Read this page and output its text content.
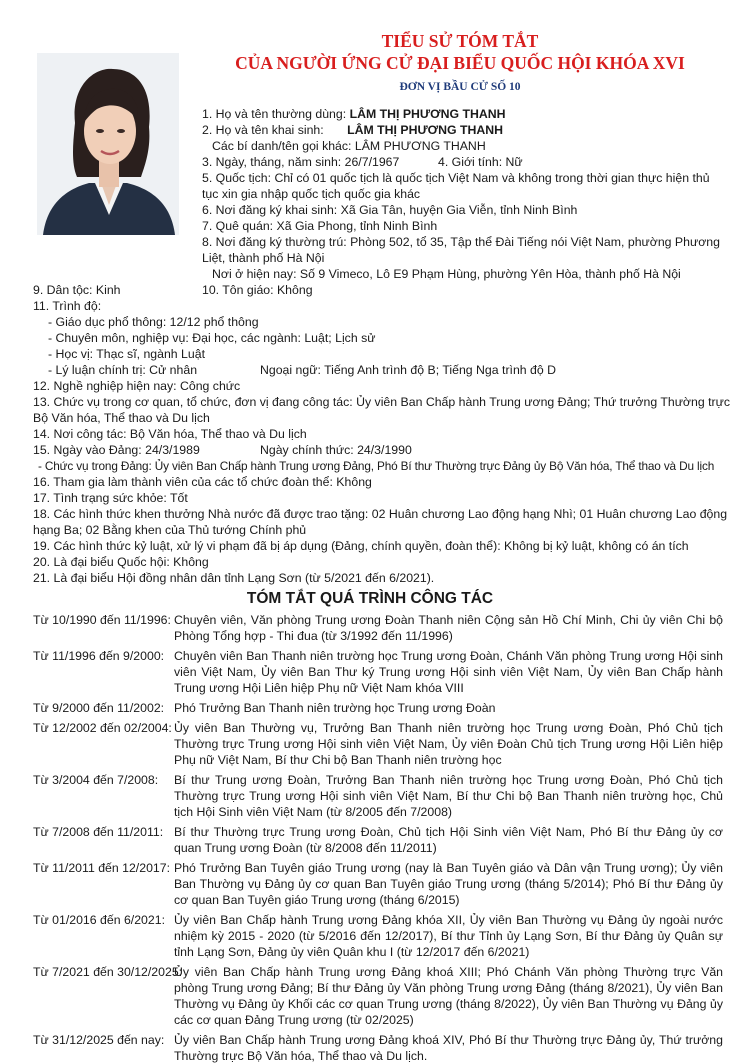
TIỂU SỬ TÓM TẮT
CỦA NGƯỜI ỨNG CỬ ĐẠI BIỂU QUỐC HỘI KHÓA XVI
ĐƠN VỊ BẦU CỬ SỐ 10
1. Họ và tên thường dùng: LÂM THỊ PHƯƠNG THANH
2. Họ và tên khai sinh: LÂM THỊ PHƯƠNG THANH
Các bí danh/tên gọi khác: LÂM PHƯƠNG THANH
3. Ngày, tháng, năm sinh: 26/7/1967	4. Giới tính: Nữ
5. Quốc tịch: Chỉ có 01 quốc tịch là quốc tịch Việt Nam và không trong thời gian thực hiện thủ
tục xin gia nhập quốc tịch quốc gia khác
6. Nơi đăng ký khai sinh: Xã Gia Tân, huyện Gia Viễn, tỉnh Ninh Bình
7. Quê quán: Xã Gia Phong, tỉnh Ninh Bình
8. Nơi đăng ký thường trú: Phòng 502, tổ 35, Tập thể Đài Tiếng nói Việt Nam, phường Phương
Liệt, thành phố Hà Nội
Nơi ở hiện nay: Số 9 Vimeco, Lô E9 Phạm Hùng, phường Yên Hòa, thành phố Hà Nội
9. Dân tộc: Kinh	10. Tôn giáo: Không
11. Trình độ:
- Giáo dục phổ thông: 12/12 phổ thông
- Chuyên môn, nghiệp vụ: Đại học, các ngành: Luật; Lịch sử
- Học vị: Thạc sĩ, ngành Luật
- Lý luận chính trị: Cử nhân	Ngoại ngữ: Tiếng Anh trình độ B; Tiếng Nga trình độ D
12. Nghề nghiệp hiện nay: Công chức
13. Chức vụ trong cơ quan, tổ chức, đơn vị đang công tác: Ủy viên Ban Chấp hành Trung ương Đảng; Thứ trưởng Thường trực
Bộ Văn hóa, Thể thao và Du lịch
14. Nơi công tác: Bộ Văn hóa, Thể thao và Du lịch
15. Ngày vào Đảng: 24/3/1989	Ngày chính thức: 24/3/1990
- Chức vụ trong Đảng: Ủy viên Ban Chấp hành Trung ương Đảng, Phó Bí thư Thường trực Đảng ủy Bộ Văn hóa, Thể thao và Du lịch
16. Tham gia làm thành viên của các tổ chức đoàn thể: Không
17. Tình trạng sức khỏe: Tốt
18. Các hình thức khen thưởng Nhà nước đã được trao tặng: 02 Huân chương Lao động hạng Nhì; 01 Huân chương Lao động
hạng Ba; 02 Bằng khen của Thủ tướng Chính phủ
19. Các hình thức kỷ luật, xử lý vi phạm đã bị áp dụng (Đảng, chính quyền, đoàn thể): Không bị kỷ luật, không có án tích
20. Là đại biểu Quốc hội: Không
21. Là đại biểu Hội đồng nhân dân tỉnh Lạng Sơn (từ 5/2021 đến 6/2021).
TÓM TẮT QUÁ TRÌNH CÔNG TÁC
Từ 10/1990 đến 11/1996: Chuyên viên, Văn phòng Trung ương Đoàn Thanh niên Cộng sản Hồ Chí Minh, Chi ủy viên Chi bộ Phòng Tổng hợp - Thi đua (từ 3/1992 đến 11/1996)
Từ 11/1996 đến 9/2000: Chuyên viên Ban Thanh niên trường học Trung ương Đoàn, Chánh Văn phòng Trung ương Hội sinh viên Việt Nam, Ủy viên Ban Thư ký Trung ương Hội sinh viên Việt Nam, Ủy viên Ban Chấp hành Trung ương Hội Liên hiệp Phụ nữ Việt Nam khóa VIII
Từ 9/2000 đến 11/2002: Phó Trưởng Ban Thanh niên trường học Trung ương Đoàn
Từ 12/2002 đến 02/2004: Ủy viên Ban Thường vụ, Trưởng Ban Thanh niên trường học Trung ương Đoàn, Phó Chủ tịch Thường trực Trung ương Hội sinh viên Việt Nam, Ủy viên Đoàn Chủ tịch Trung ương Hội Liên hiệp Phụ nữ Việt Nam, Bí thư Chi bộ Ban Thanh niên trường học
Từ 3/2004 đến 7/2008:	Bí thư Trung ương Đoàn, Trưởng Ban Thanh niên trường học Trung ương Đoàn, Phó Chủ tịch Thường trực Trung ương Hội sinh viên Việt Nam, Bí thư Chi bộ Ban Thanh niên trường học, Chủ tịch Hội Sinh viên Việt Nam (từ 8/2005 đến 7/2008)
Từ 7/2008 đến 11/2011: Bí thư Thường trực Trung ương Đoàn, Chủ tịch Hội Sinh viên Việt Nam, Phó Bí thư Đảng ủy cơ quan Trung ương Đoàn (từ 8/2008 đến 11/2011)
Từ 11/2011 đến 12/2017: Phó Trưởng Ban Tuyên giáo Trung ương (nay là Ban Tuyên giáo và Dân vận Trung ương); Ủy viên Ban Thường vụ Đảng ủy cơ quan Ban Tuyên giáo Trung ương (tháng 5/2014); Phó Bí thư Đảng ủy cơ quan Ban Tuyên giáo Trung ương (tháng 6/2015)
Từ 01/2016 đến 6/2021: Ủy viên Ban Chấp hành Trung ương Đảng khóa XII, Ủy viên Ban Thường vụ Đảng ủy ngoài nước nhiệm kỳ 2015 - 2020 (từ 5/2016 đến 12/2017), Bí thư Tỉnh ủy Lạng Sơn, Bí thư Đảng ủy Quân sự tỉnh Lạng Sơn, Đảng ủy viên Quân khu I (từ 12/2017 đến 6/2021)
Từ 7/2021 đến 30/12/2025:
Ủy viên Ban Chấp hành Trung ương Đảng khoá XIII; Phó Chánh Văn phòng Thường trực Văn phòng Trung ương Đảng; Bí thư Đảng ủy Văn phòng Trung ương Đảng (tháng 8/2021), Ủy viên Ban Thường vụ Đảng ủy Khối các cơ quan Trung ương (tháng 8/2022), Ủy viên Ban Thường vụ Đảng ủy các cơ quan Đảng Trung ương (từ 02/2025)
Từ 31/12/2025 đến nay: Ủy viên Ban Chấp hành Trung ương Đảng khoá XIV, Phó Bí thư Thường trực Đảng ủy, Thứ trưởng Thường trực Bộ Văn hóa, Thể thao và Du lịch.
